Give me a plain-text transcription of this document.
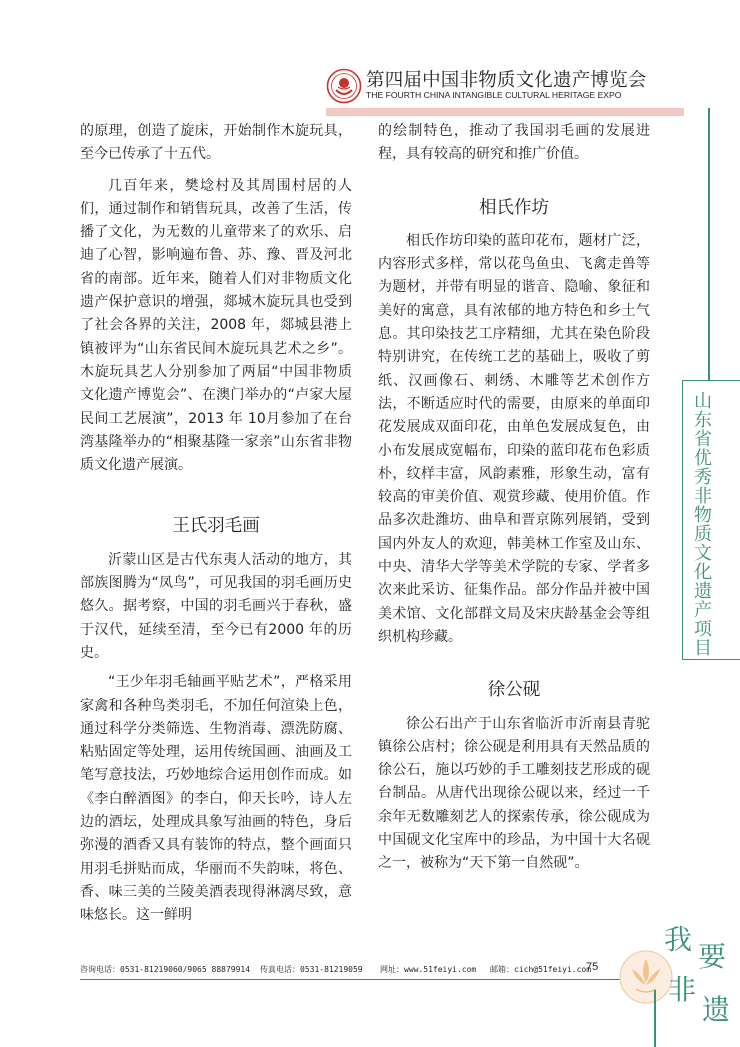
第四届中国非物质文化遗产博览会
THE FOURTH CHINA INTANGIBLE CULTURAL HERITAGE EXPO
山
东
省
优
秀
非
物
质
文
化
遗
产
项
目

的原理，创造了旋床，开始制作木旋玩具，至今已传承了十五代。

几百年来，樊埝村及其周围村居的人们，通过制作和销售玩具，改善了生活，传播了文化，为无数的儿童带来了的欢乐、启迪了心智，影响遍布鲁、苏、豫、晋及河北省的南部。近年来，随着人们对非物质文化遗产保护意识的增强，郯城木旋玩具也受到了社会各界的关注，2008 年，郯城县港上镇被评为“山东省民间木旋玩具艺术之乡”。木旋玩具艺人分别参加了两届“中国非物质文化遗产博览会”、在澳门举办的“卢家大屋民间工艺展演”，2013 年 10月参加了在台湾基隆举办的“相聚基隆一家亲”山东省非物质文化遗产展演。

王氏羽毛画

沂蒙山区是古代东夷人活动的地方，其部族图腾为“凤鸟”，可见我国的羽毛画历史悠久。据考察，中国的羽毛画兴于春秋，盛于汉代，延续至清，至今已有2000 年的历史。

“王少年羽毛轴画平贴艺术”，严格采用家禽和各种鸟类羽毛，不加任何渲染上色，通过科学分类筛选、生物消毒、漂洗防腐、粘贴固定等处理，运用传统国画、油画及工笔写意技法，巧妙地综合运用创作而成。如《李白醉酒图》的李白，仰天长吟，诗人左边的酒坛，处理成具象写油画的特色，身后弥漫的酒香又具有装饰的特点，整个画面只用羽毛拼贴而成，华丽而不失韵味，将色、香、味三美的兰陵美酒表现得淋漓尽致，意味悠长。这一鲜明

的绘制特色，推动了我国羽毛画的发展进程，具有较高的研究和推广价值。

相氏作坊

相氏作坊印染的蓝印花布，题材广泛，内容形式多样，常以花鸟鱼虫、飞禽走兽等为题材，并带有明显的谐音、隐喻、象征和美好的寓意，具有浓郁的地方特色和乡土气息。其印染技艺工序精细，尤其在染色阶段特别讲究，在传统工艺的基础上，吸收了剪纸、汉画像石、刺绣、木雕等艺术创作方法，不断适应时代的需要，由原来的单面印花发展成双面印花，由单色发展成复色，由小布发展成宽幅布，印染的蓝印花布色彩质朴，纹样丰富，风韵素雅，形象生动，富有较高的审美价值、观赏珍藏、使用价值。作品多次赴潍坊、曲阜和晋京陈列展销，受到国内外友人的欢迎，韩美林工作室及山东、中央、清华大学等美术学院的专家、学者多次来此采访、征集作品。部分作品并被中国美术馆、文化部群文局及宋庆龄基金会等组织机构珍藏。

徐公砚

徐公石出产于山东省临沂市沂南县青驼镇徐公店村；徐公砚是利用具有天然品质的徐公石，施以巧妙的手工雕刻技艺形成的砚台制品。从唐代出现徐公砚以来，经过一千余年无数雕刻艺人的探索传承，徐公砚成为中国砚文化宝库中的珍品，为中国十大名砚之一，被称为“天下第一自然砚”。

咨询电话：0531-81219060/9065 88879914 传真电话：0531-81219059 网址：www.51feiyi.com 邮箱：cich@51feiyi.com
75
我
要
非
遗
